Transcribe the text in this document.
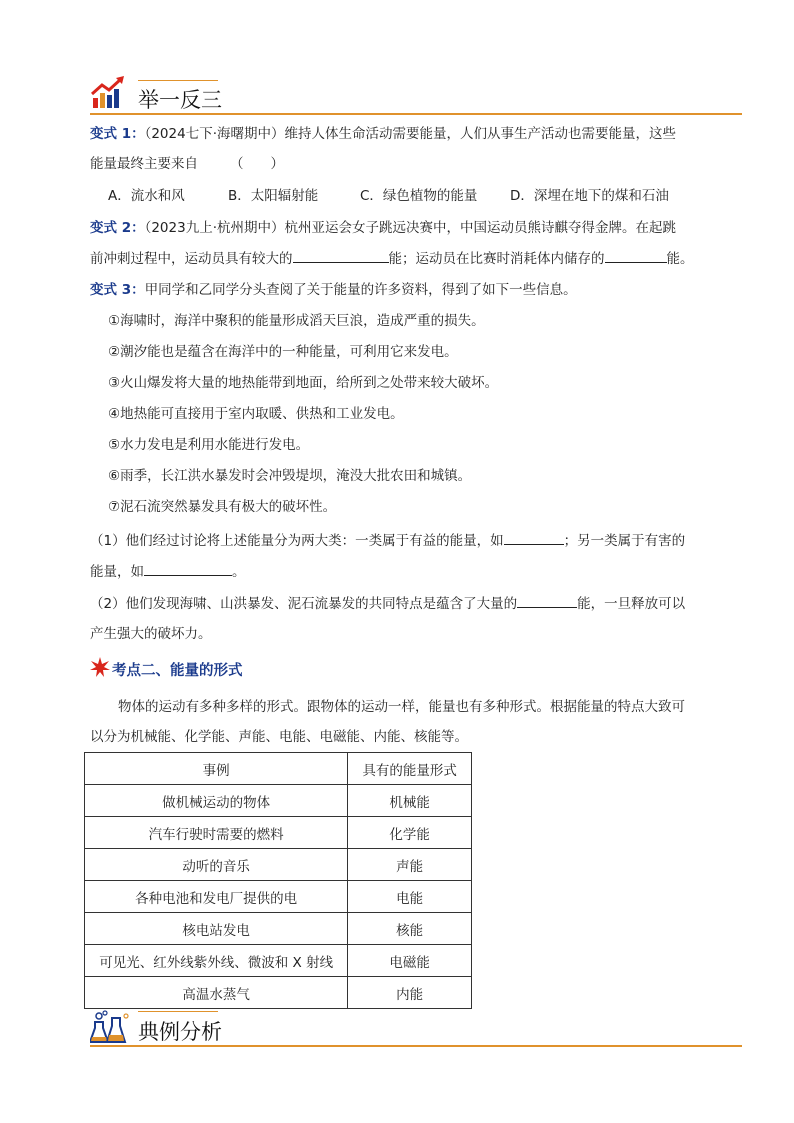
举一反三
变式 1：（2024七下·海曙期中）维持人体生命活动需要能量，人们从事生产活动也需要能量，这些
能量最终主要来自 （　　）
A．流水和风	B．太阳辐射能	C．绿色植物的能量 D．深埋在地下的煤和石油
变式 2：（2023九上·杭州期中）杭州亚运会女子跳远决赛中，中国运动员熊诗麒夺得金牌。在起跳
前冲刺过程中，运动员具有较大的	能；运动员在比赛时消耗体内储存的	能。
变式 3：甲同学和乙同学分头查阅了关于能量的许多资料，得到了如下一些信息。
①海啸时，海洋中聚积的能量形成滔天巨浪，造成严重的损失。
②潮汐能也是蕴含在海洋中的一种能量，可利用它来发电。
③火山爆发将大量的地热能带到地面，给所到之处带来较大破坏。
④地热能可直接用于室内取暖、供热和工业发电。
⑤水力发电是利用水能进行发电。
⑥雨季，长江洪水暴发时会冲毁堤坝，淹没大批农田和城镇。
⑦泥石流突然暴发具有极大的破坏性。
（1）他们经过讨论将上述能量分为两大类：一类属于有益的能量，如	；另一类属于有害的
能量，如	。
（2）他们发现海啸、山洪暴发、泥石流暴发的共同特点是蕴含了大量的	能，一旦释放可以
产生强大的破坏力。
考点二、能量的形式
物体的运动有多种多样的形式。跟物体的运动一样，能量也有多种形式。根据能量的特点大致可
以分为机械能、化学能、声能、电能、电磁能、内能、核能等。
事例	具有的能量形式
做机械运动的物体	机械能
汽车行驶时需要的燃料	化学能
动听的音乐	声能
各种电池和发电厂提供的电	电能
核电站发电	核能
可见光、红外线紫外线、微波和 X 射线	电磁能
高温水蒸气	内能
典例分析
